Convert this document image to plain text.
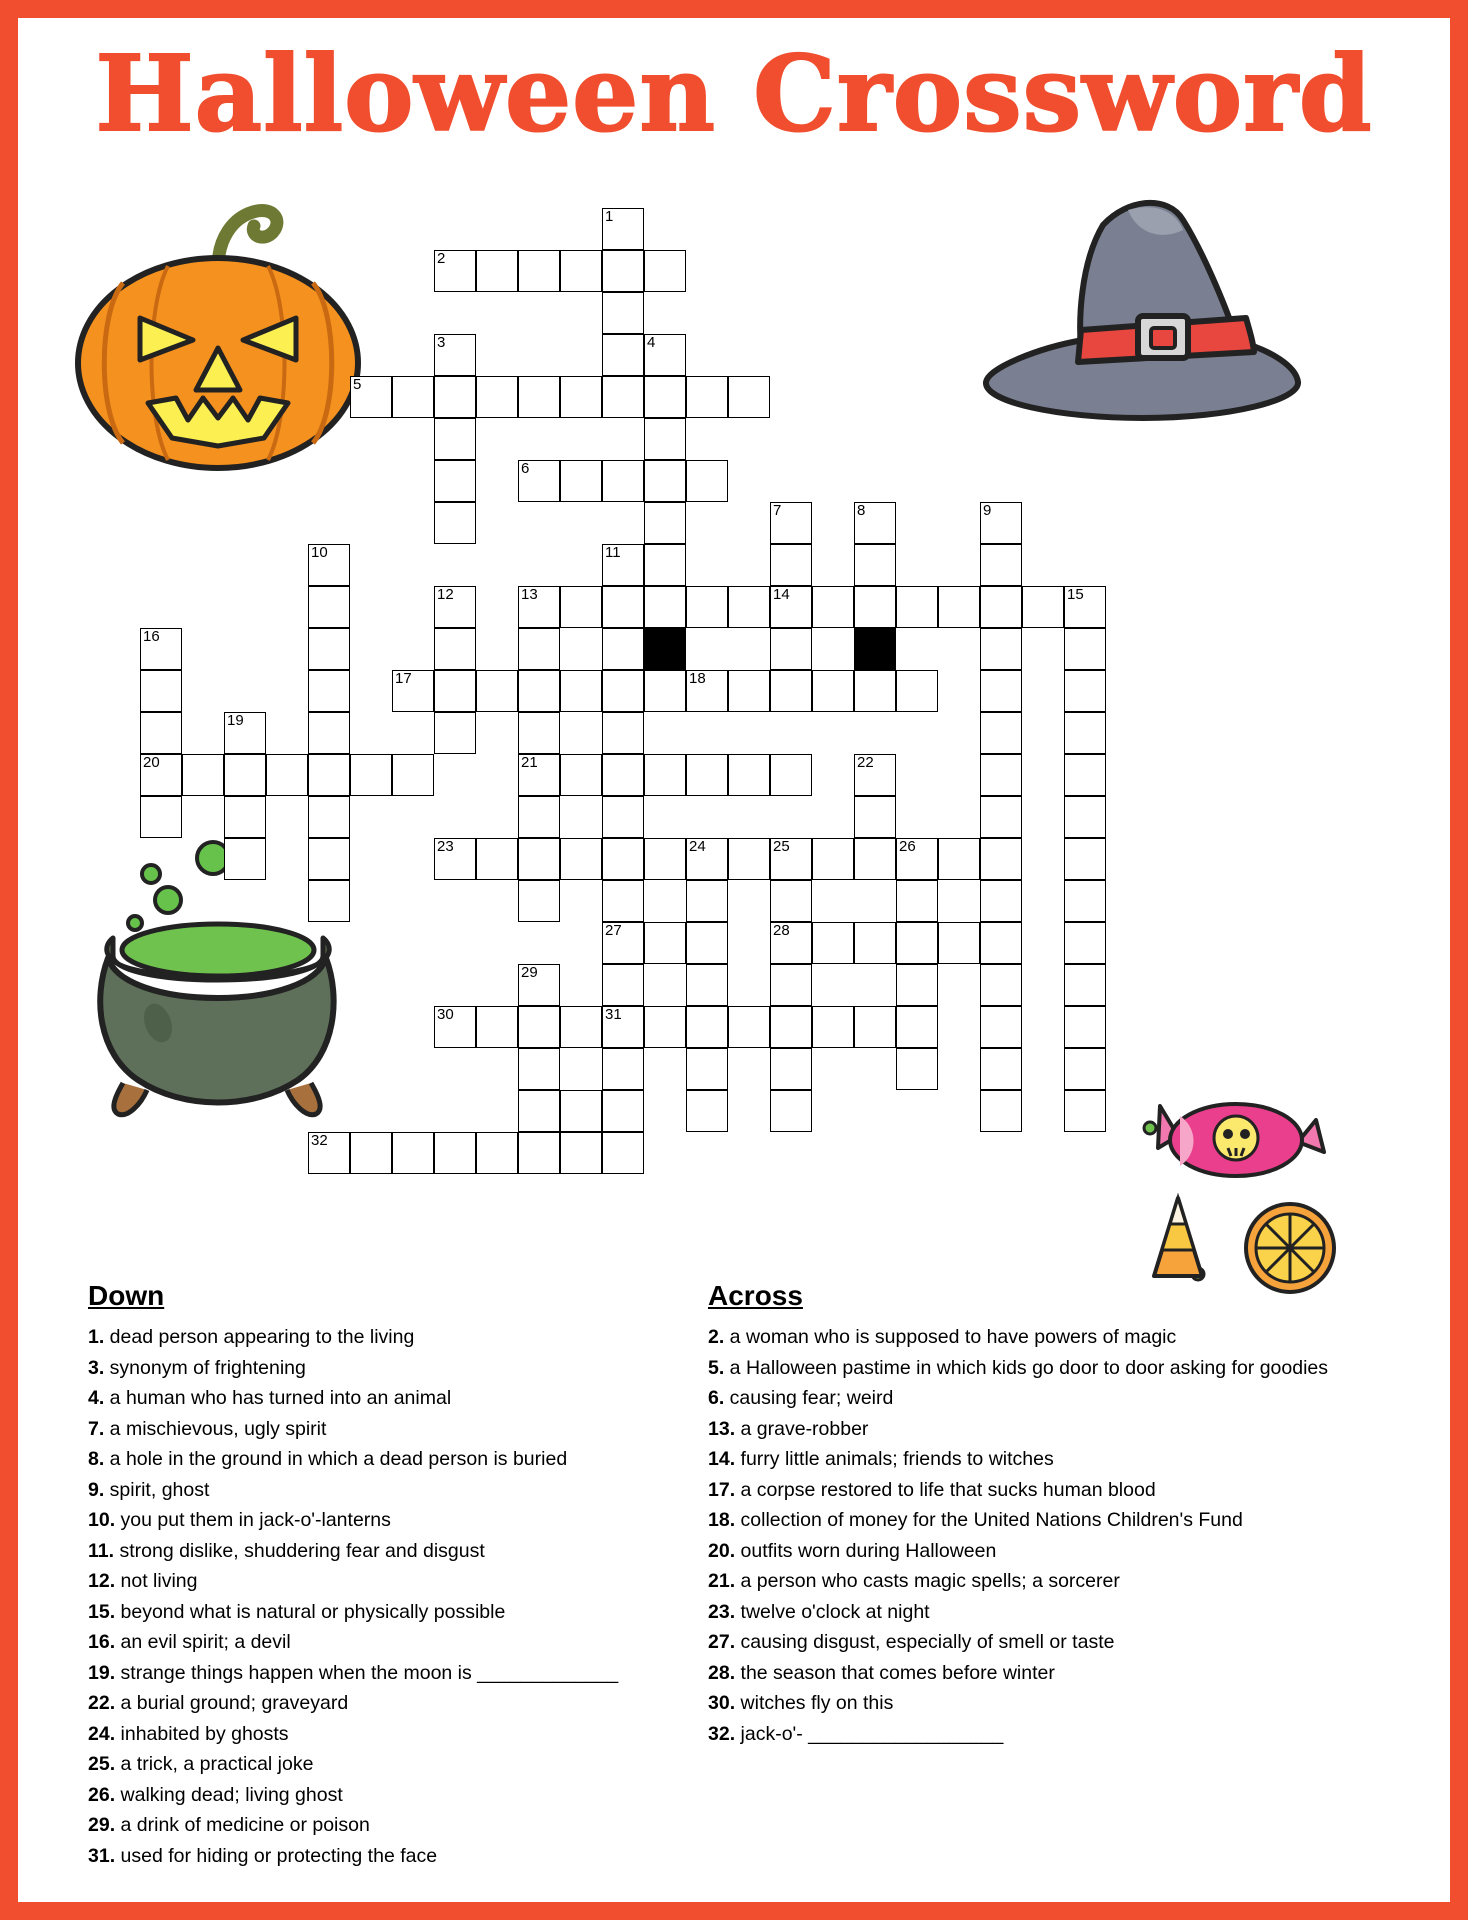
Halloween Crossword
1
2
3	4
5
6
7	8	9
10	11
12	13	14	15
16
17	18
19
20	21	22
23	24	25	26
27	28
29
30	31
32
Down
1. dead person appearing to the living
3. synonym of frightening
4. a human who has turned into an animal
7. a mischievous, ugly spirit
8. a hole in the ground in which a dead person is buried
9. spirit, ghost
10. you put them in jack-o'-lanterns
11. strong dislike, shuddering fear and disgust
12. not living
15. beyond what is natural or physically possible
16. an evil spirit; a devil
19. strange things happen when the moon is _____________
22. a burial ground; graveyard
24. inhabited by ghosts
25. a trick, a practical joke
26. walking dead; living ghost
29. a drink of medicine or poison
31. used for hiding or protecting the face
Across
2. a woman who is supposed to have powers of magic
5. a Halloween pastime in which kids go door to door asking for goodies
6. causing fear; weird
13. a grave-robber
14. furry little animals; friends to witches
17. a corpse restored to life that sucks human blood
18. collection of money for the United Nations Children's Fund
20. outfits worn during Halloween
21. a person who casts magic spells; a sorcerer
23. twelve o'clock at night
27. causing disgust, especially of smell or taste
28. the season that comes before winter
30. witches fly on this
32. jack-o'- __________________
